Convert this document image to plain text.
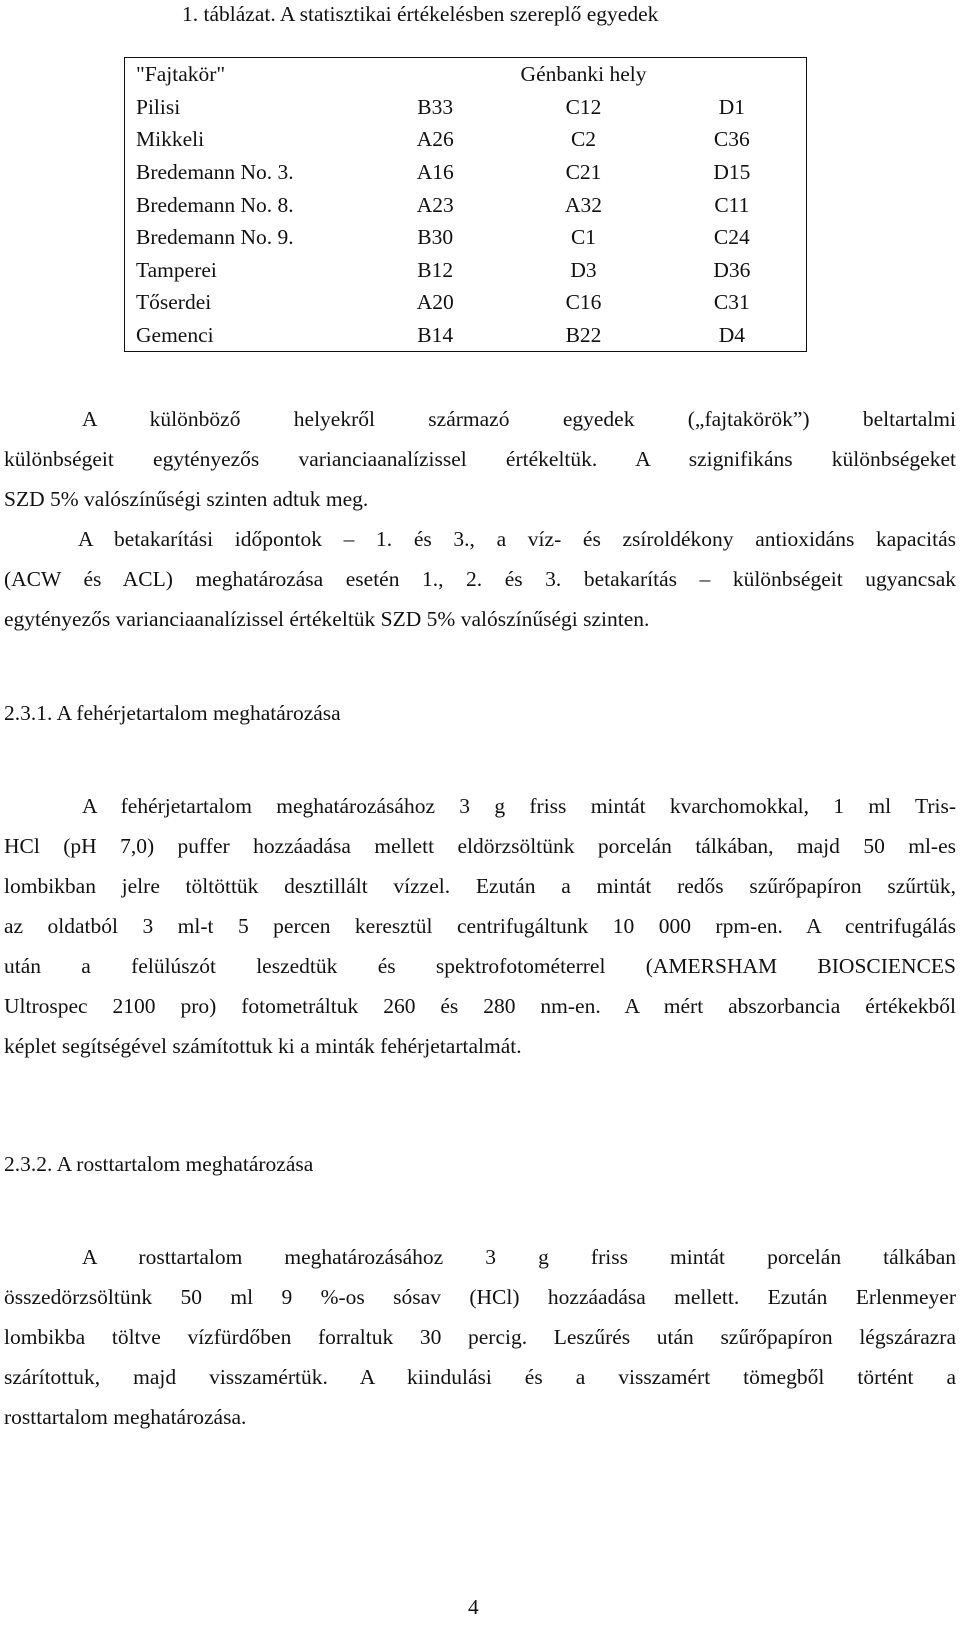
1. táblázat. A statisztikai értékelésben szereplő egyedek
"Fajtakör"	Génbanki hely		
Pilisi	B33	C12	D1
Mikkeli	A26	C2	C36
Bredemann No. 3.	A16	C21	D15
Bredemann No. 8.	A23	A32	C11
Bredemann No. 9.	B30	C1	C24
Tamperei	B12	D3	D36
Tőserdei	A20	C16	C31
Gemenci	B14	B22	D4
A különböző helyekről származó egyedek („fajtakörök”) beltartalmi
különbségeit egytényezős varianciaanalízissel értékeltük. A szignifikáns különbségeket
SZD 5% valószínűségi szinten adtuk meg.
A betakarítási időpontok – 1. és 3., a víz- és zsíroldékony antioxidáns kapacitás
(ACW és ACL) meghatározása esetén 1., 2. és 3. betakarítás – különbségeit ugyancsak
egytényezős varianciaanalízissel értékeltük SZD 5% valószínűségi szinten.
2.3.1. A fehérjetartalom meghatározása
A fehérjetartalom meghatározásához 3 g friss mintát kvarchomokkal, 1 ml Tris-
HCl (pH 7,0) puffer hozzáadása mellett eldörzsöltünk porcelán tálkában, majd 50 ml-es
lombikban jelre töltöttük desztillált vízzel. Ezután a mintát redős szűrőpapíron szűrtük,
az oldatból 3 ml-t 5 percen keresztül centrifugáltunk 10 000 rpm-en. A centrifugálás
után a felülúszót leszedtük és spektrofotométerrel (AMERSHAM BIOSCIENCES
Ultrospec 2100 pro) fotometráltuk 260 és 280 nm-en. A mért abszorbancia értékekből
képlet segítségével számítottuk ki a minták fehérjetartalmát.
2.3.2. A rosttartalom meghatározása
A rosttartalom meghatározásához 3 g friss mintát porcelán tálkában
összedörzsöltünk 50 ml 9 %-os sósav (HCl) hozzáadása mellett. Ezután Erlenmeyer
lombikba töltve vízfürdőben forraltuk 30 percig. Leszűrés után szűrőpapíron légszárazra
szárítottuk, majd visszamértük. A kiindulási és a visszamért tömegből történt a
rosttartalom meghatározása.
4
